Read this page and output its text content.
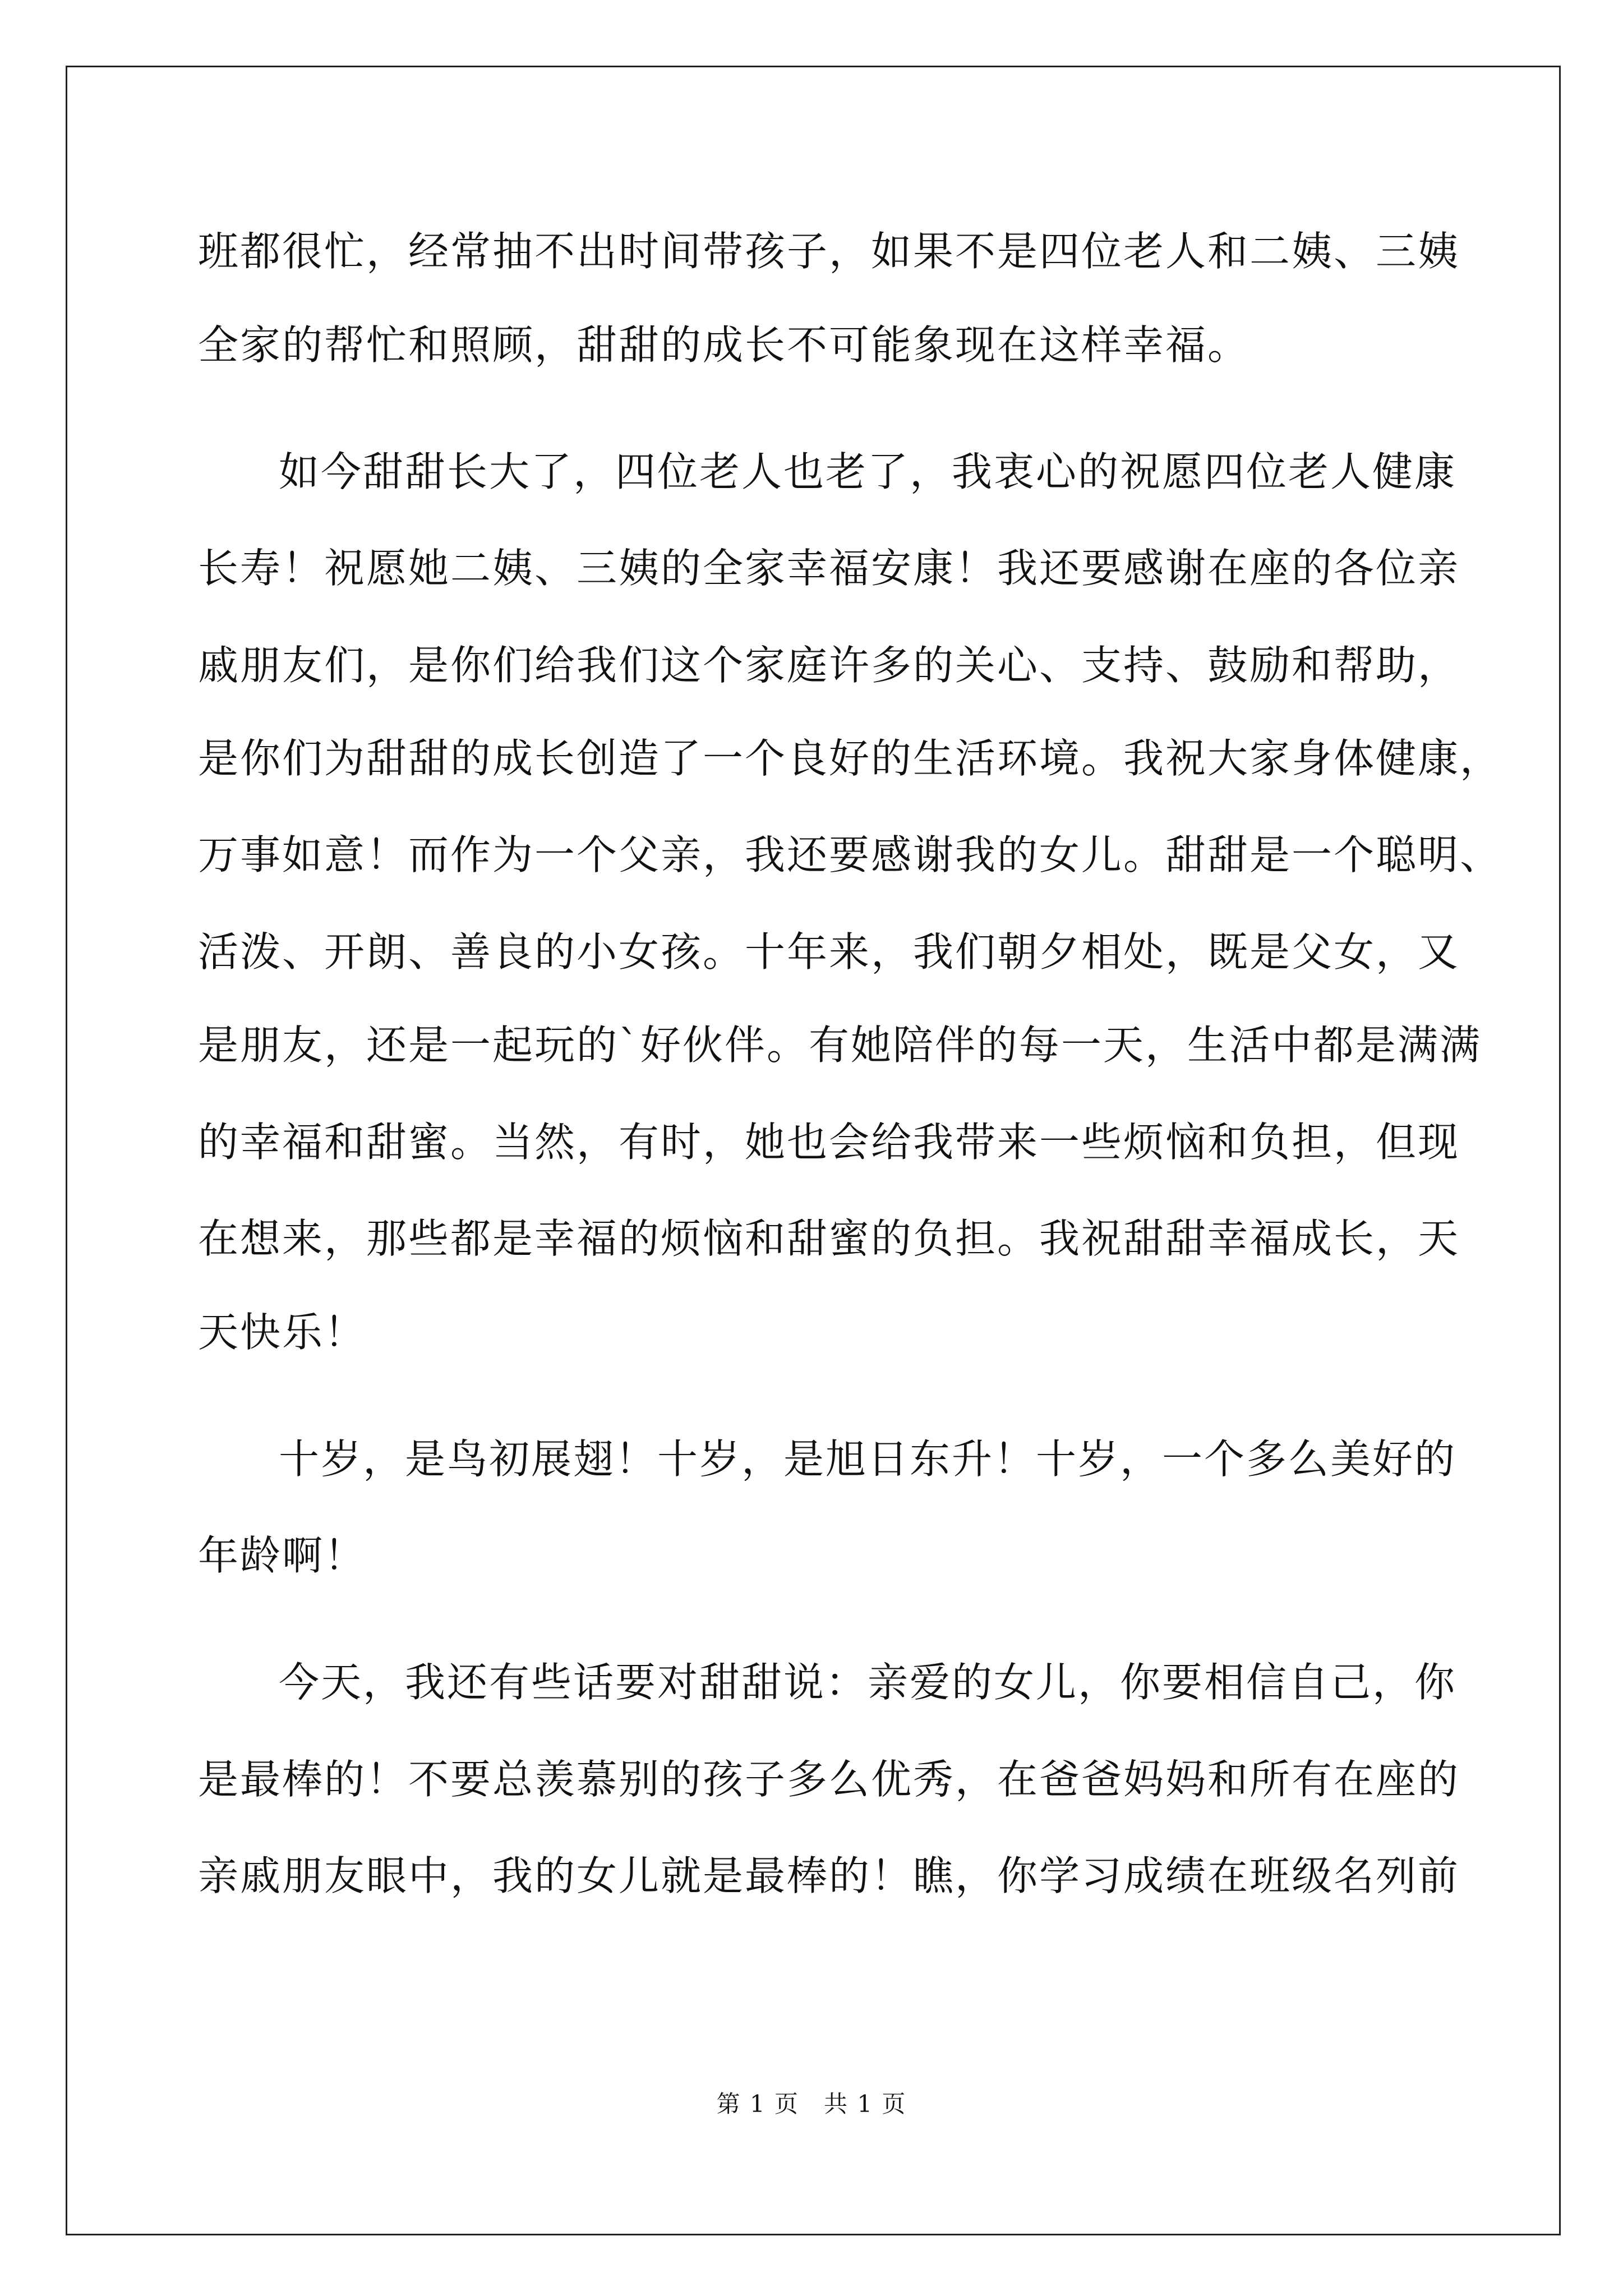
班都很忙，经常抽不出时间带孩子，如果不是四位老人和二姨、三姨

全家的帮忙和照顾，甜甜的成长不可能象现在这样幸福。

如今甜甜长大了，四位老人也老了，我衷心的祝愿四位老人健康

长寿！祝愿她二姨、三姨的全家幸福安康！我还要感谢在座的各位亲

戚朋友们，是你们给我们这个家庭许多的关心、支持、鼓励和帮助，

是你们为甜甜的成长创造了一个良好的生活环境。我祝大家身体健康，

万事如意！而作为一个父亲，我还要感谢我的女儿。甜甜是一个聪明、

活泼、开朗、善良的小女孩。十年来，我们朝夕相处，既是父女，又

是朋友，还是一起玩的`好伙伴。有她陪伴的每一天，生活中都是满满

的幸福和甜蜜。当然，有时，她也会给我带来一些烦恼和负担，但现

在想来，那些都是幸福的烦恼和甜蜜的负担。我祝甜甜幸福成长，天

天快乐！

十岁，是鸟初展翅！十岁，是旭日东升！十岁，一个多么美好的

年龄啊！

今天，我还有些话要对甜甜说：亲爱的女儿，你要相信自己，你

是最棒的！不要总羡慕别的孩子多么优秀，在爸爸妈妈和所有在座的

亲戚朋友眼中，我的女儿就是最棒的！瞧，你学习成绩在班级名列前

第 1 页　共 1 页
